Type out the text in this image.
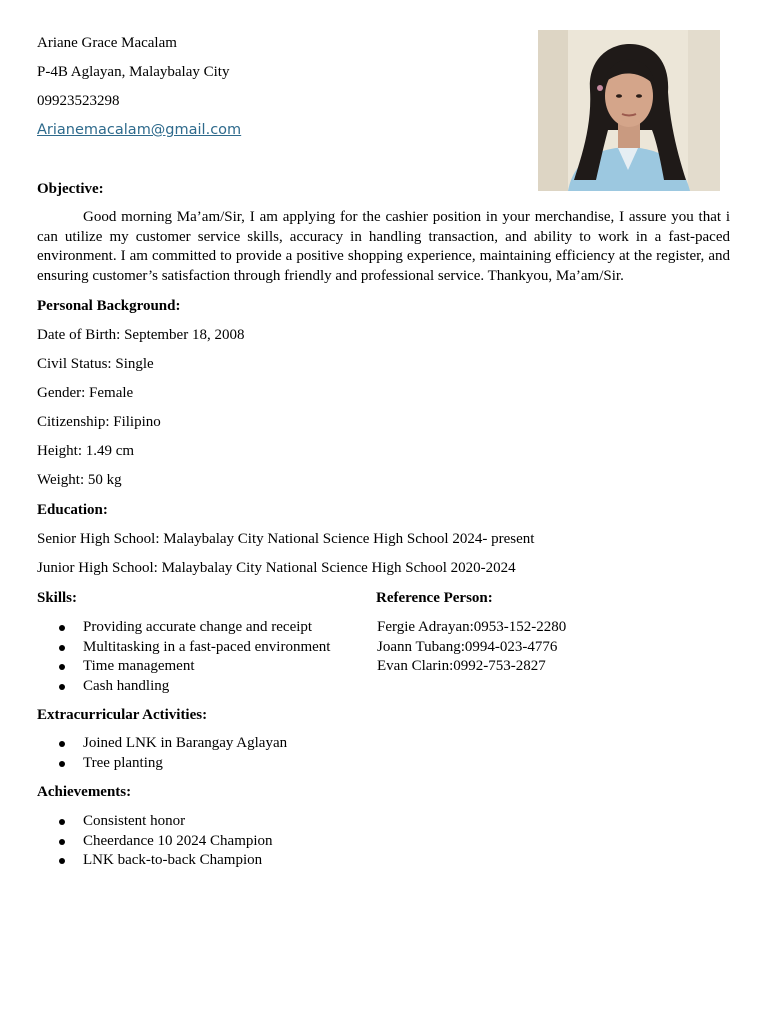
Ariane Grace Macalam
P-4B Aglayan, Malaybalay City
09923523298
Arianemacalam@gmail.com
Objective:
Good morning Ma’am/Sir, I am applying for the cashier position in your merchandise, I assure you that i can utilize my customer service skills, accuracy in handling transaction, and ability to work in a fast-paced environment. I am committed to provide a positive shopping experience, maintaining efficiency at the register, and ensuring customer’s satisfaction through friendly and professional service. Thankyou, Ma’am/Sir.
Personal Background:
Date of Birth: September 18, 2008
Civil Status: Single
Gender: Female
Citizenship: Filipino
Height: 1.49 cm
Weight: 50 kg
Education:
Senior High School: Malaybalay City National Science High School 2024- present
Junior High School: Malaybalay City National Science High School 2020-2024
Skills:	Reference Person:
Providing accurate change and receipt
Multitasking in a fast-paced environment
Time management
Cash handling
Fergie Adrayan:0953-152-2280
Joann Tubang:0994-023-4776
Evan Clarin:0992-753-2827
Extracurricular Activities:
Joined LNK in Barangay Aglayan
Tree planting
Achievements:
Consistent honor
Cheerdance 10 2024 Champion
LNK back-to-back Champion
